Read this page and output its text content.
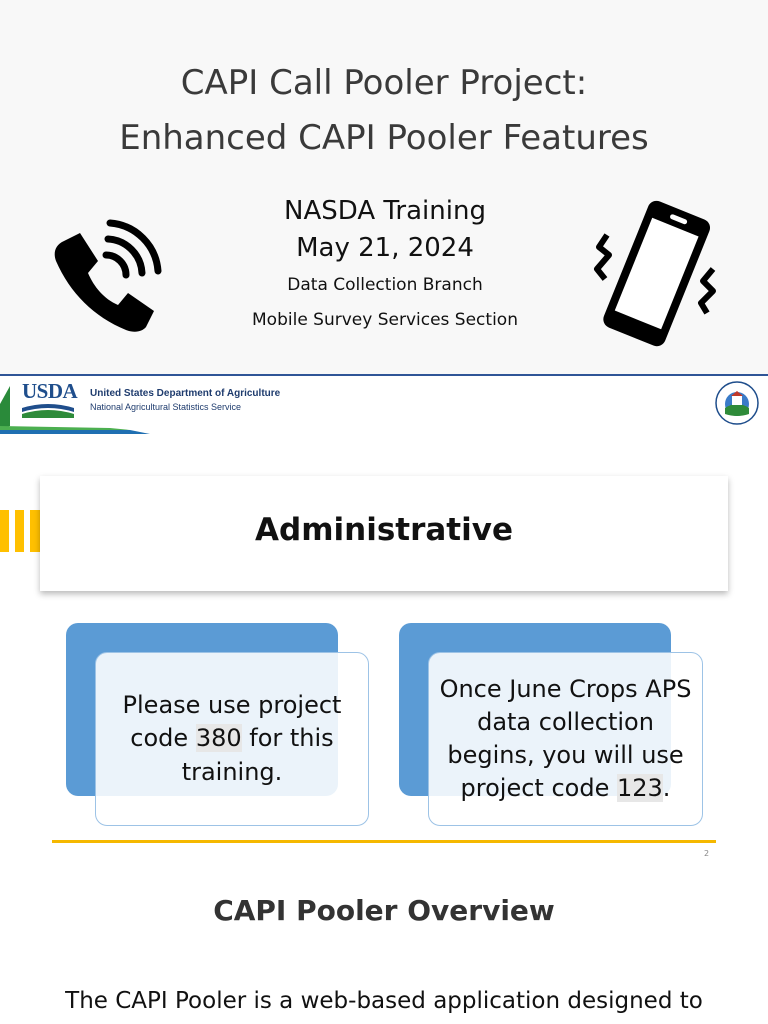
CAPI Call Pooler Project:
Enhanced CAPI Pooler Features
NASDA Training
May 21, 2024
Data Collection Branch
Mobile Survey Services Section
USDA United States Department of Agriculture
National Agricultural Statistics Service
Administrative
Please use project code 380 for this training.
Once June Crops APS data collection begins, you will use project code 123.
2
CAPI Pooler Overview

The CAPI Pooler is a web-based application designed to
